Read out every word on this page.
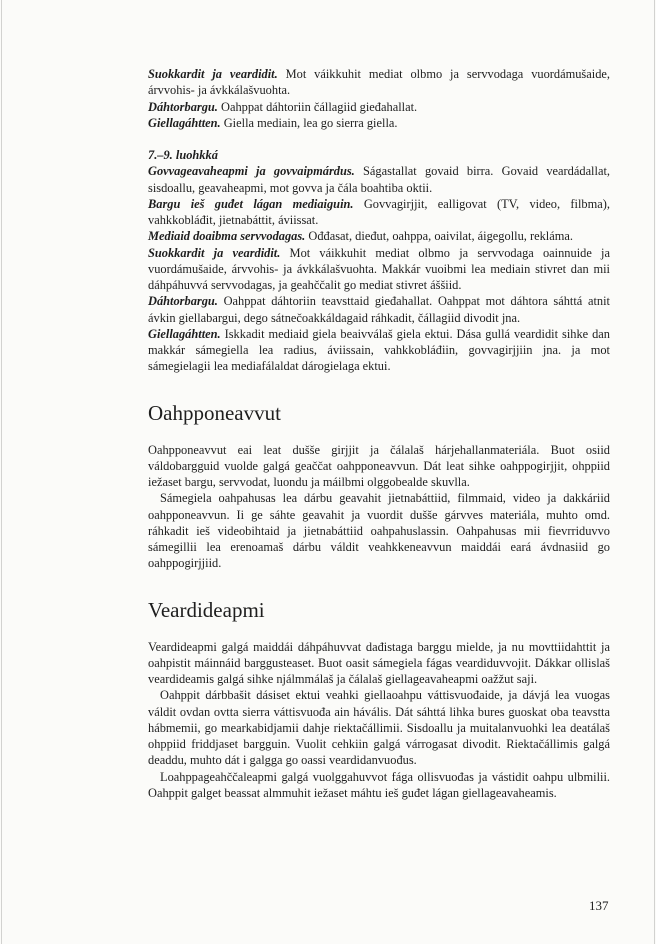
Suokkardit ja veardidit. Mot váikkuhit mediat olbmo ja servvodaga vuordámušaide, árvvohis- ja ávkkálašvuohta.

Dáhtorbargu. Oahppat dáhtoriin čállagiid gieđahallat.

Giellagáhtten. Giella mediain, lea go sierra giella.

7.–9. luohkká

Govvageavaheapmi ja govvaipmárdus. Ságastallat govaid birra. Govaid veardádallat, sisdoallu, geavaheapmi, mot govva ja čála boahtiba oktii.

Bargu ieš guđet lágan mediaiguin. Govvagirjjit, ealligovat (TV, video, filbma), vahkkobláđit, jietnabáttit, áviissat.

Mediaid doaibma servvodagas. Ođđasat, dieđut, oahppa, oaivilat, áigegollu, rekláma.

Suokkardit ja veardidit. Mot váikkuhit mediat olbmo ja servvodaga oainnuide ja vuordámušaide, árvvohis- ja ávkkálašvuohta. Makkár vuoibmi lea mediain stivret dan mii dáhpáhuvvá servvodagas, ja geahččalit go mediat stivret áššiid.

Dáhtorbargu. Oahppat dáhtoriin teavsttaid gieđahallat. Oahppat mot dáhtora sáhttá atnit ávkin giellabargui, dego sátnečoakkáldagaid ráhkadit, čállagiid divodit jna.

Giellagáhtten. Iskkadit mediaid giela beaivválaš giela ektui. Dása gullá veardidit sihke dan makkár sámegiella lea radius, áviissain, vahkkobláđiin, govvagirjjiin jna. ja mot sámegielagii lea mediafálaldat dárogielaga ektui.

Oahpponeavvut

Oahpponeavvut eai leat dušše girjjit ja čálalaš hárjehallanmateriála. Buot osiid váldobargguid vuolde galgá geaččat oahpponeavvun. Dát leat sihke oahppogirjjit, ohppiid iežaset bargu, servvodat, luondu ja máilbmi olggobealde skuvlla.

Sámegiela oahpahusas lea dárbu geavahit jietnabáttiid, filmmaid, video ja dakkáriid oahpponeavvun. Ii ge sáhte geavahit ja vuordit dušše gárvves materiála, muhto omd. ráhkadit ieš videobihtaid ja jietnabáttiid oahpahuslassin. Oahpahusas mii fievrriduvvo sámegillii lea erenoamaš dárbu váldit veahkkeneavvun maiddái eará ávdnasiid go oahppogirjjiid.

Veardideapmi

Veardideapmi galgá maiddái dáhpáhuvvat dađistaga barggu mielde, ja nu movttiidahttit ja oahpistit máinnáid barggusteaset. Buot oasit sámegiela fágas veardiduvvojit. Dákkar ollislaš veardideamis galgá sihke njálmmálaš ja čálalaš giellageavaheapmi oažžut saji.

Oahppit dárbbašit dásiset ektui veahki giellaoahpu váttisvuođaide, ja dávjá lea vuogas váldit ovdan ovtta sierra váttisvuođa ain hávális. Dát sáhttá lihka bures guoskat oba teavstta hábmemii, go mearkabidjamii dahje riektačállimii. Sisdoallu ja muitalanvuohki lea deatálaš ohppiid friddjaset bargguin. Vuolit cehkiin galgá várrogasat divodit. Riektačállimis galgá deaddu, muhto dát i galgga go oassi veardidanvuođus.

Loahppageahččaleapmi galgá vuolggahuvvot fága ollisvuođas ja vástidit oahpu ulbmilii. Oahppit galget beassat almmuhit iežaset máhtu ieš guđet lágan giellageavaheamis.

137
